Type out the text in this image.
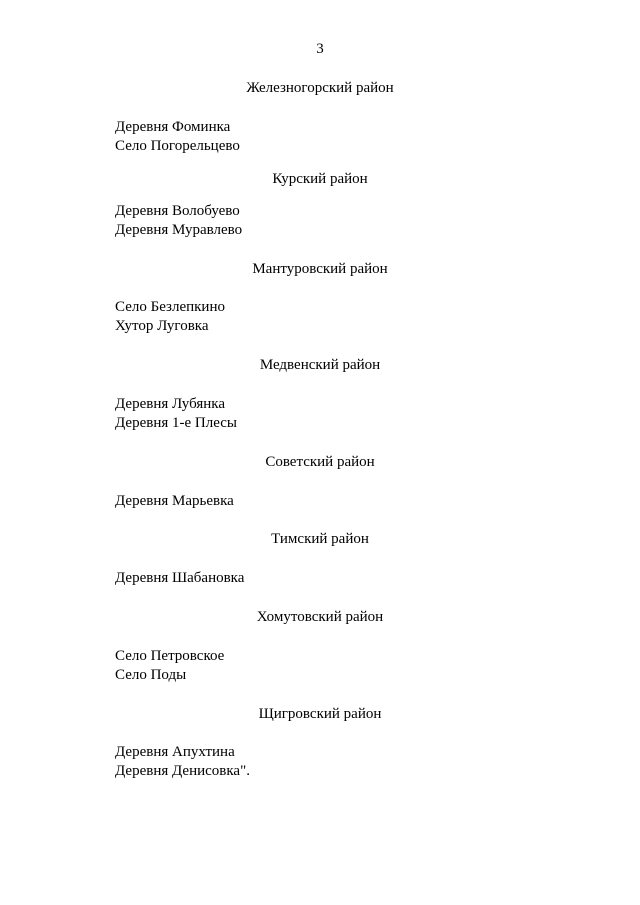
3
Железногорский район
Деревня Фоминка
Село Погорельцево
Курский район
Деревня Волобуево
Деревня Муравлево
Мантуровский район
Село Безлепкино
Хутор Луговка
Медвенский район
Деревня Лубянка
Деревня 1-е Плесы
Советский район
Деревня Марьевка
Тимский район
Деревня Шабановка
Хомутовский район
Село Петровское
Село Поды
Щигровский район
Деревня Апухтина
Деревня Денисовка".
